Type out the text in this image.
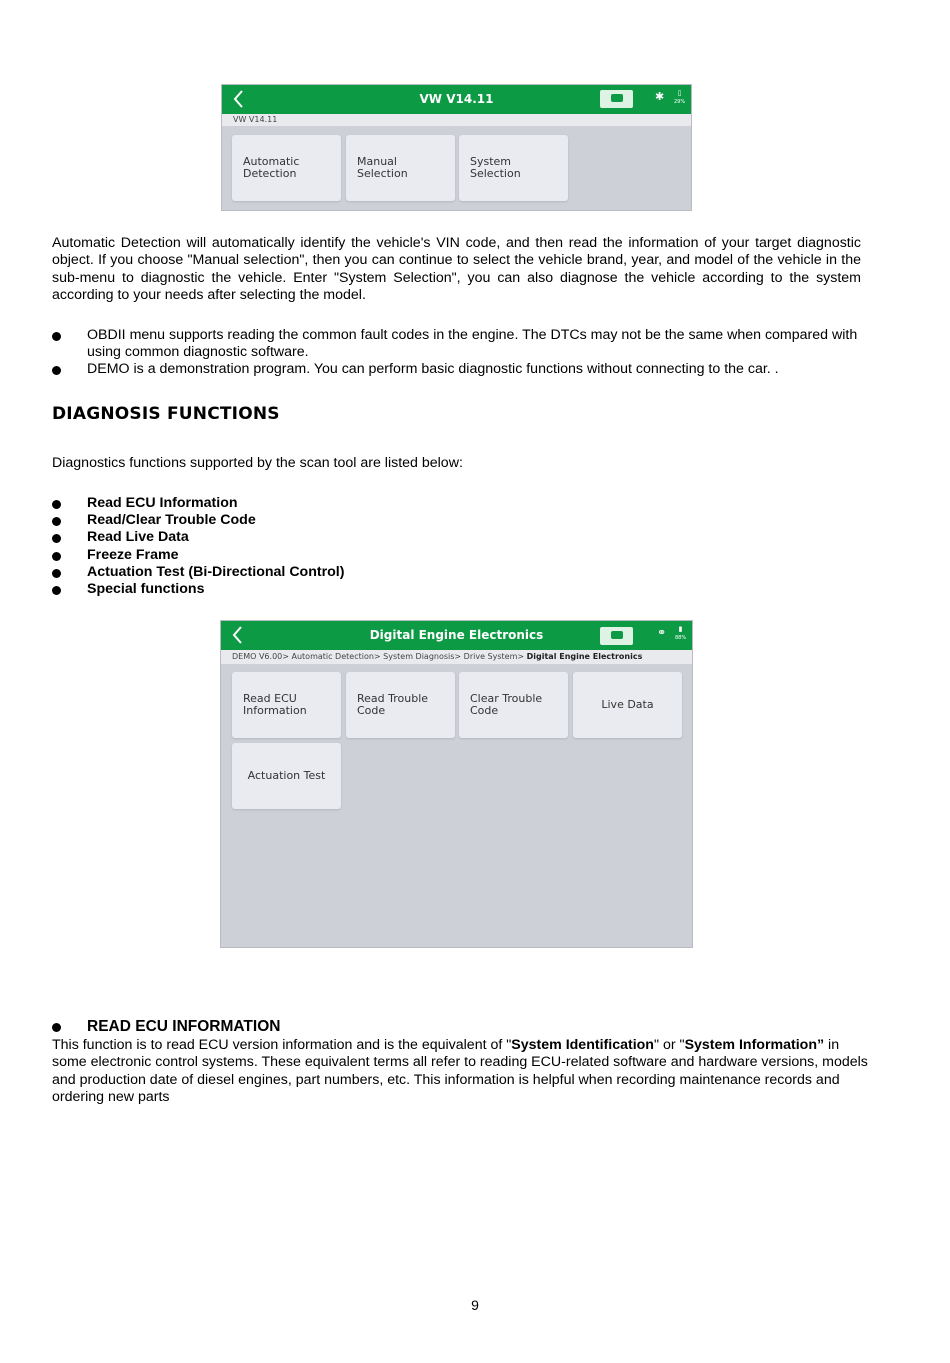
VW V14.11	✱	▯
29%
VW V14.11
Automatic
Detection
Manual
Selection
System
Selection
Automatic Detection will automatically identify the vehicle's VIN code, and then read the information of your target diagnostic object. If you choose "Manual selection", then you can continue to select the vehicle brand, year, and model of the vehicle in the sub-menu to diagnostic the vehicle. Enter "System Selection", you can also diagnose the vehicle according to the system according to your needs after selecting the model.
OBDII menu supports reading the common fault codes in the engine. The DTCs may not be the same when compared with using common diagnostic software.
DEMO is a demonstration program. You can perform basic diagnostic functions without connecting to the car. .
DIAGNOSIS FUNCTIONS
Diagnostics functions supported by the scan tool are listed below:
Read ECU Information
Read/Clear Trouble Code
Read Live Data
Freeze Frame
Actuation Test (Bi-Directional Control)
Special functions
Digital Engine Electronics	⚭	▮
88%
DEMO V6.00> Automatic Detection> System Diagnosis> Drive System> Digital Engine Electronics
Read ECU
Information
Read Trouble
Code
Clear Trouble
Code	Live Data
Actuation Test
READ ECU INFORMATION
This function is to read ECU version information and is the equivalent of "System Identification" or "System Information” in some electronic control systems. These equivalent terms all refer to reading ECU-related software and hardware versions, models and production date of diesel engines, part numbers, etc. This information is helpful when recording maintenance records and ordering new parts
9
